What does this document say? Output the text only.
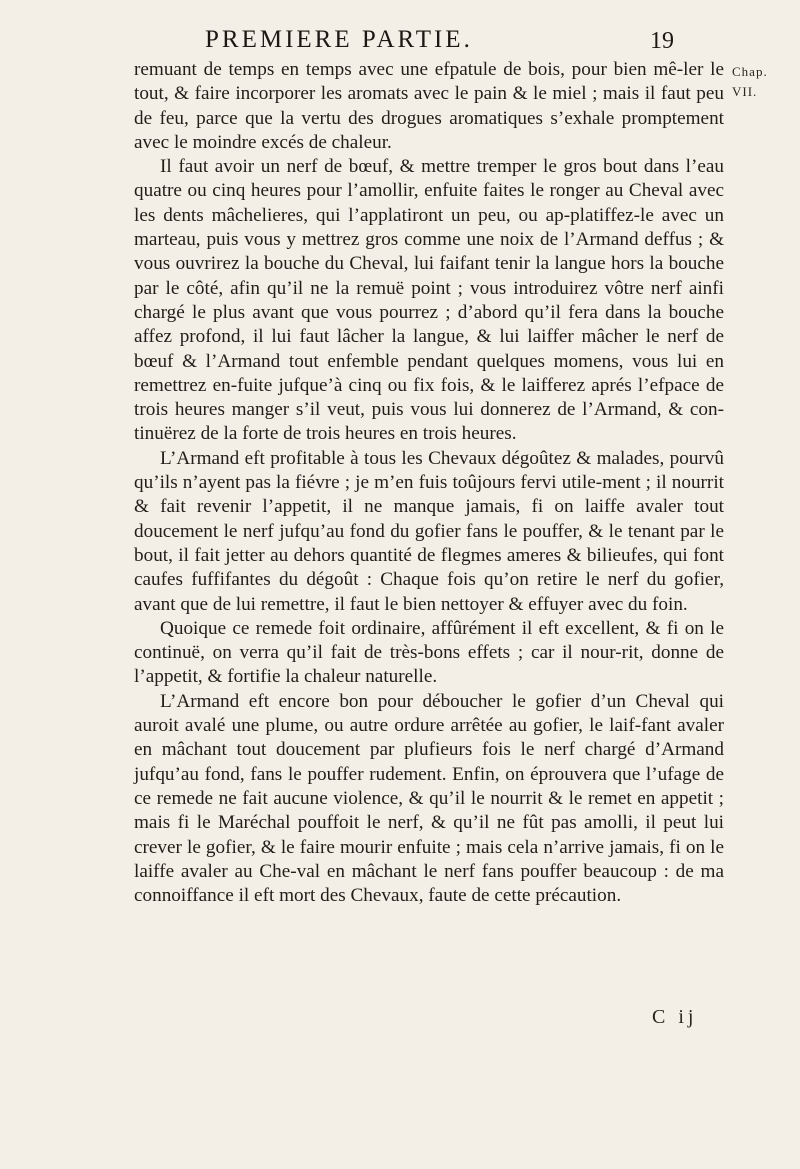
PREMIERE PARTIE.	19
Chap.
VII.

remuant de temps en temps avec une efpatule de bois, pour bien mê-ler le tout, & faire incorporer les aromats avec le pain & le miel ; mais il faut peu de feu, parce que la vertu des drogues aromatiques s’exhale promptement avec le moindre excés de chaleur.

Il faut avoir un nerf de bœuf, & mettre tremper le gros bout dans l’eau quatre ou cinq heures pour l’amollir, enfuite faites le ronger au Cheval avec les dents mâchelieres, qui l’applatiront un peu, ou ap-platiffez-le avec un marteau, puis vous y mettrez gros comme une noix de l’Armand deffus ; & vous ouvrirez la bouche du Cheval, lui faifant tenir la langue hors la bouche par le côté, afin qu’il ne la remuë point ; vous introduirez vôtre nerf ainfi chargé le plus avant que vous pourrez ; d’abord qu’il fera dans la bouche affez profond, il lui faut lâcher la langue, & lui laiffer mâcher le nerf de bœuf & l’Armand tout enfemble pendant quelques momens, vous lui en remettrez en-fuite jufque’à cinq ou fix fois, & le laifferez aprés l’efpace de trois heures manger s’il veut, puis vous lui donnerez de l’Armand, & con-tinuërez de la forte de trois heures en trois heures.

L’Armand eft profitable à tous les Chevaux dégoûtez & malades, pourvû qu’ils n’ayent pas la fiévre ; je m’en fuis toûjours fervi utile-ment ; il nourrit & fait revenir l’appetit, il ne manque jamais, fi on laiffe avaler tout doucement le nerf jufqu’au fond du gofier fans le pouffer, & le tenant par le bout, il fait jetter au dehors quantité de flegmes ameres & bilieufes, qui font caufes fuffifantes du dégoût : Chaque fois qu’on retire le nerf du gofier, avant que de lui remettre, il faut le bien nettoyer & effuyer avec du foin.

Quoique ce remede foit ordinaire, affûrément il eft excellent, & fi on le continuë, on verra qu’il fait de très-bons effets ; car il nour-rit, donne de l’appetit, & fortifie la chaleur naturelle.

L’Armand eft encore bon pour déboucher le gofier d’un Cheval qui auroit avalé une plume, ou autre ordure arrêtée au gofier, le laif-fant avaler en mâchant tout doucement par plufieurs fois le nerf chargé d’Armand jufqu’au fond, fans le pouffer rudement. Enfin, on éprouvera que l’ufage de ce remede ne fait aucune violence, & qu’il le nourrit & le remet en appetit ; mais fi le Maréchal pouffoit le nerf, & qu’il ne fût pas amolli, il peut lui crever le gofier, & le faire mourir enfuite ; mais cela n’arrive jamais, fi on le laiffe avaler au Che-val en mâchant le nerf fans pouffer beaucoup : de ma connoiffance il eft mort des Chevaux, faute de cette précaution.

C ij
